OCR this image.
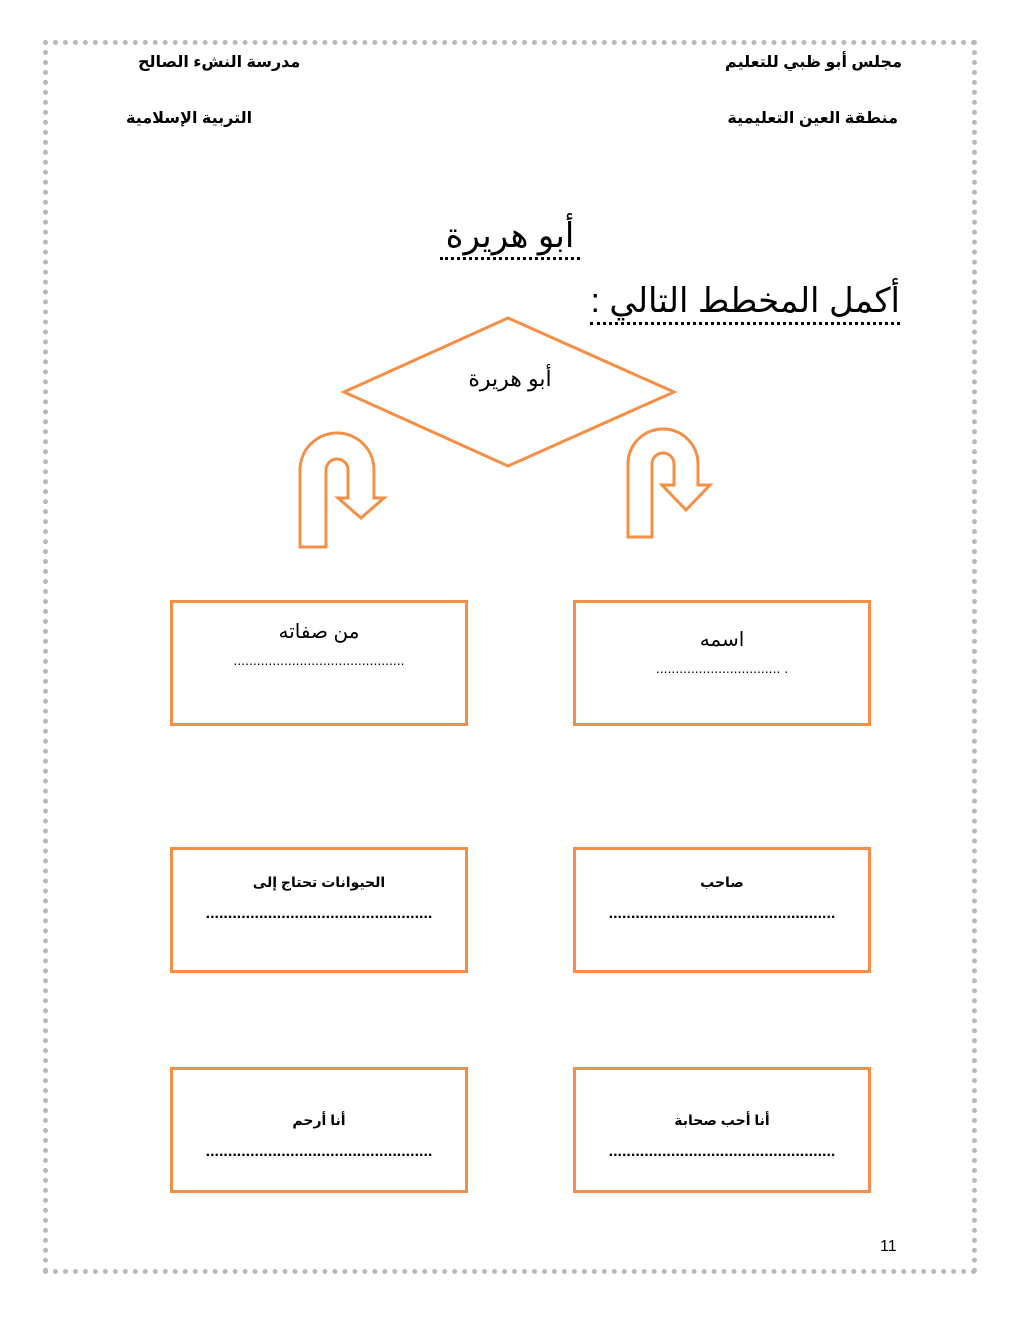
مجلس أبو ظبي للتعليم
منطقة العين التعليمية
مدرسة النشء الصالح
التربية الإسلامية
أبو هريرة
أكمل المخطط التالي :
أبو هريرة
من صفاته
............................................
اسمه
. ................................
الحيوانات تحتاج إلى
...................................................
صاحب
...................................................
أنا أرحم
...................................................
أنا أحب صحابة
...................................................
11
